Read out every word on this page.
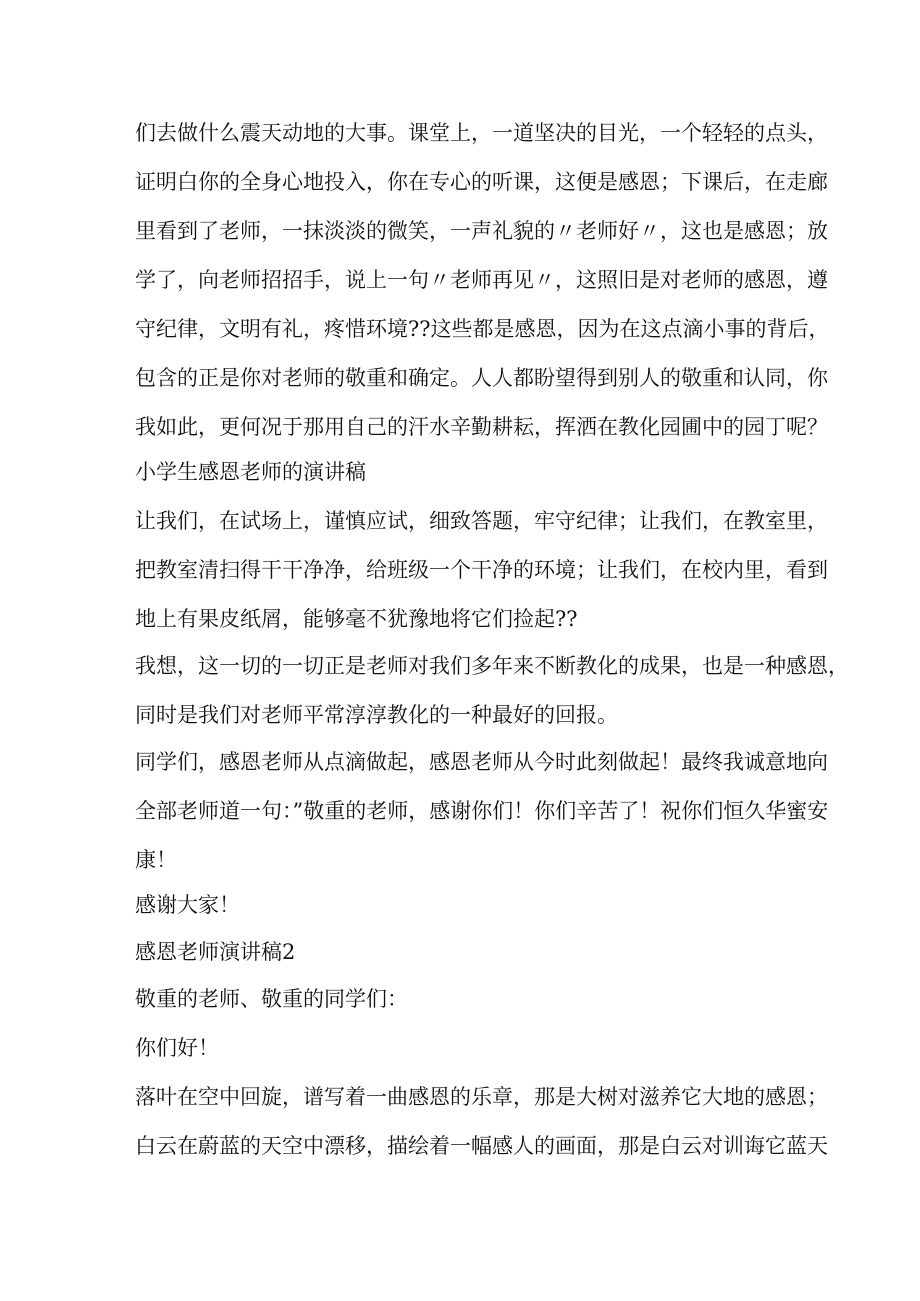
们去做什么震天动地的大事。课堂上，一道坚决的目光，一个轻轻的点头，
证明白你的全身心地投入，你在专心的听课，这便是感恩；下课后，在走廊
里看到了老师，一抹淡淡的微笑，一声礼貌的〃老师好〃，这也是感恩；放
学了，向老师招招手，说上一句〃老师再见〃，这照旧是对老师的感恩，遵
守纪律，文明有礼，疼惜环境??这些都是感恩，因为在这点滴小事的背后，
包含的正是你对老师的敬重和确定。人人都盼望得到别人的敬重和认同，你
我如此，更何况于那用自己的汗水辛勤耕耘，挥洒在教化园圃中的园丁呢？
小学生感恩老师的演讲稿
让我们，在试场上，谨慎应试，细致答题，牢守纪律；让我们，在教室里，
把教室清扫得干干净净，给班级一个干净的环境；让我们，在校内里，看到
地上有果皮纸屑，能够毫不犹豫地将它们捡起??
我想，这一切的一切正是老师对我们多年来不断教化的成果，也是一种感恩，
同时是我们对老师平常淳淳教化的一种最好的回报。
同学们，感恩老师从点滴做起，感恩老师从今时此刻做起！最终我诚意地向
全部老师道一句：”敬重的老师，感谢你们！你们辛苦了！祝你们恒久华蜜安
康！
感谢大家！
感恩老师演讲稿2
敬重的老师、敬重的同学们：
你们好！
落叶在空中回旋，谱写着一曲感恩的乐章，那是大树对滋养它大地的感恩；
白云在蔚蓝的天空中漂移，描绘着一幅感人的画面，那是白云对训诲它蓝天
